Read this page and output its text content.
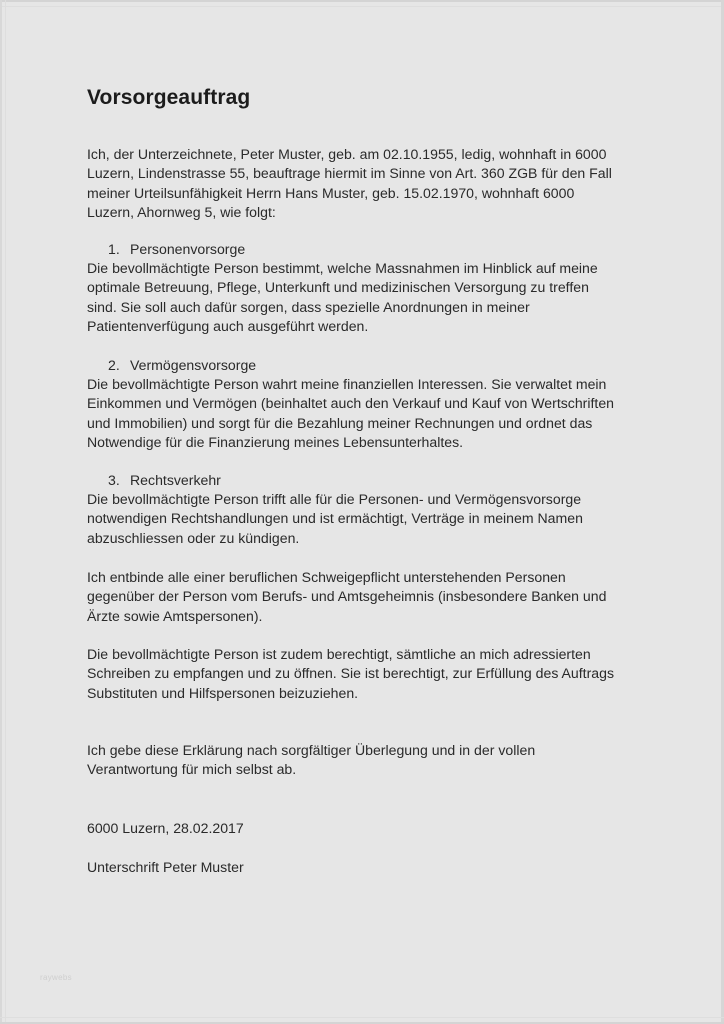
Vorsorgeauftrag

Ich, der Unterzeichnete, Peter Muster, geb. am 02.10.1955, ledig, wohnhaft in 6000
Luzern, Lindenstrasse 55, beauftrage hiermit im Sinne von Art. 360 ZGB für den Fall
meiner Urteilsunfähigkeit Herrn Hans Muster, geb. 15.02.1970, wohnhaft 6000
Luzern, Ahornweg 5, wie folgt:

1. Personenvorsorge

Die bevollmächtigte Person bestimmt, welche Massnahmen im Hinblick auf meine
optimale Betreuung, Pflege, Unterkunft und medizinischen Versorgung zu treffen
sind. Sie soll auch dafür sorgen, dass spezielle Anordnungen in meiner
Patientenverfügung auch ausgeführt werden.

2. Vermögensvorsorge

Die bevollmächtigte Person wahrt meine finanziellen Interessen. Sie verwaltet mein
Einkommen und Vermögen (beinhaltet auch den Verkauf und Kauf von Wertschriften
und Immobilien) und sorgt für die Bezahlung meiner Rechnungen und ordnet das
Notwendige für die Finanzierung meines Lebensunterhaltes.

3. Rechtsverkehr

Die bevollmächtigte Person trifft alle für die Personen- und Vermögensvorsorge
notwendigen Rechtshandlungen und ist ermächtigt, Verträge in meinem Namen
abzuschliessen oder zu kündigen.

Ich entbinde alle einer beruflichen Schweigepflicht unterstehenden Personen
gegenüber der Person vom Berufs- und Amtsgeheimnis (insbesondere Banken und
Ärzte sowie Amtspersonen).

Die bevollmächtigte Person ist zudem berechtigt, sämtliche an mich adressierten
Schreiben zu empfangen und zu öffnen. Sie ist berechtigt, zur Erfüllung des Auftrags
Substituten und Hilfspersonen beizuziehen.

Ich gebe diese Erklärung nach sorgfältiger Überlegung und in der vollen
Verantwortung für mich selbst ab.

6000 Luzern, 28.02.2017

Unterschrift Peter Muster

raywebs
